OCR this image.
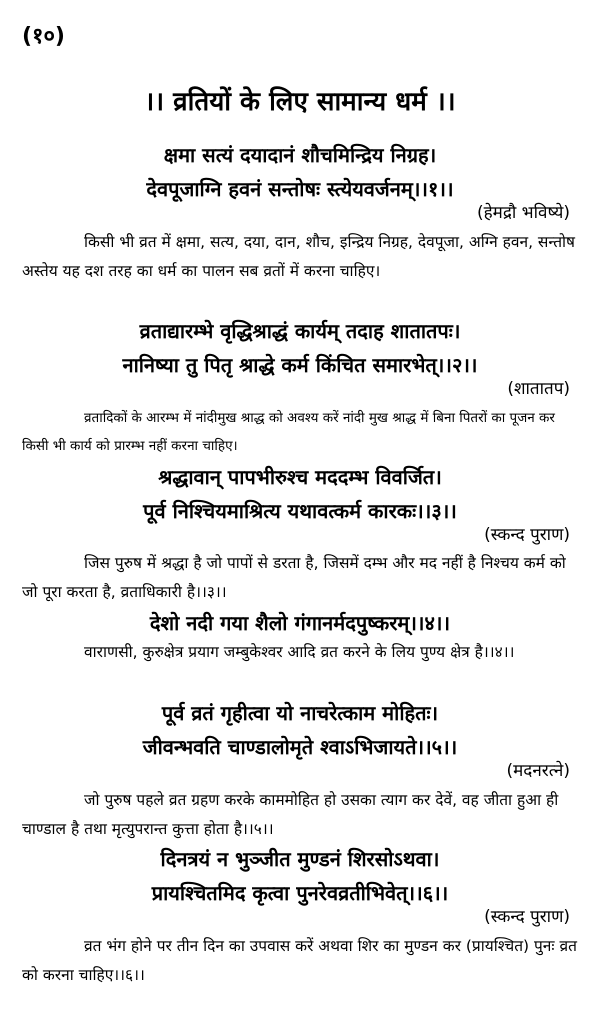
(१०)
।। व्रतियों के लिए सामान्य धर्म ।।
क्षमा सत्यं दयादानं शौचमिन्द्रिय निग्रह।
देवपूजाग्नि हवनं सन्तोषः स्त्येयवर्जनम्।।१।।
(हेमद्रौ भविष्ये)
किसी भी व्रत में क्षमा, सत्य, दया, दान, शौच, इन्द्रिय निग्रह, देवपूजा, अग्नि हवन, सन्तोष अस्तेय यह दश तरह का धर्म का पालन सब व्रतों में करना चाहिए।
व्रताद्यारम्भे वृद्धिश्राद्धं कार्यम् तदाह शातातपः।
नानिष्या तु पितृ श्राद्धे कर्म किंचित समारभेत्।।२।।
(शातातप)
व्रतादिकों के आरम्भ में नांदीमुख श्राद्ध को अवश्य करें नांदी मुख श्राद्ध में बिना पितरों का पूजन कर किसी भी कार्य को प्रारम्भ नहीं करना चाहिए।
श्रद्धावान् पापभीरुश्च मददम्भ विवर्जित।
पूर्व निश्चियमाश्रित्य यथावत्कर्म कारकः।।३।।
(स्कन्द पुराण)
जिस पुरुष में श्रद्धा है जो पापों से डरता है, जिसमें दम्भ और मद नहीं है निश्चय कर्म को जो पूरा करता है, व्रताधिकारी है।।३।।
देशो नदी गया शैलो गंगानर्मदपुष्करम्।।४।।
वाराणसी, कुरुक्षेत्र प्रयाग जम्बुकेश्वर आदि व्रत करने के लिय पुण्य क्षेत्र है।।४।।
पूर्व व्रतं गृहीत्वा यो नाचरेत्काम मोहितः।
जीवन्भवति चाण्डालोमृते श्वाऽभिजायते।।५।।
(मदनरत्ने)
जो पुरुष पहले व्रत ग्रहण करके काममोहित हो उसका त्याग कर देवें, वह जीता हुआ ही चाण्डाल है तथा मृत्युपरान्त कुत्ता होता है।।५।।
दिनत्रयं न भुञ्जीत मुण्डनं शिरसोऽथवा।
प्रायश्चितमिद कृत्वा पुनरेवव्रतीभिवेत्।।६।।
(स्कन्द पुराण)
व्रत भंग होने पर तीन दिन का उपवास करें अथवा शिर का मुण्डन कर (प्रायश्चित) पुनः व्रत को करना चाहिए।।६।।
